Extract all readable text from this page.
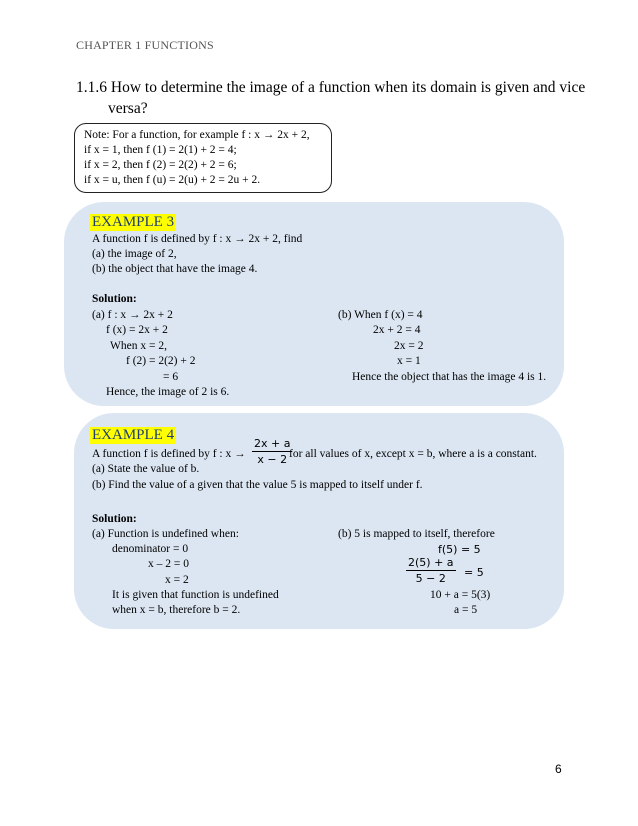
CHAPTER 1 FUNCTIONS
1.1.6 How to determine the image of a function when its domain is given and vice
versa?
Note: For a function, for example f : x → 2x + 2,
if x = 1, then f (1) = 2(1) + 2 = 4;
if x = 2, then f (2) = 2(2) + 2 = 6;
if x = u, then f (u) = 2(u) + 2 = 2u + 2.
EXAMPLE 3
A function f is defined by f : x → 2x + 2, find
(a) the image of 2,
(b) the object that have the image 4.
Solution:
(a) f : x → 2x + 2
f (x) = 2x + 2
When x = 2,
f (2) = 2(2) + 2
= 6
Hence, the image of 2 is 6.
(b) When f (x) = 4
2x + 2 = 4
2x = 2
x = 1
Hence the object that has the image 4 is 1.
EXAMPLE 4
A function f is defined by f : x →
2x + a
x − 2 for all values of x, except x = b, where a is a constant.
(a) State the value of b.
(b) Find the value of a given that the value 5 is mapped to itself under f.
Solution:
(a) Function is undefined when:
denominator = 0
x – 2 = 0
x = 2
It is given that function is undefined
when x = b, therefore b = 2.
(b) 5 is mapped to itself, therefore
f(5) = 5
2(5) + a
5 − 2	= 5
10 + a = 5(3)
a = 5
6
